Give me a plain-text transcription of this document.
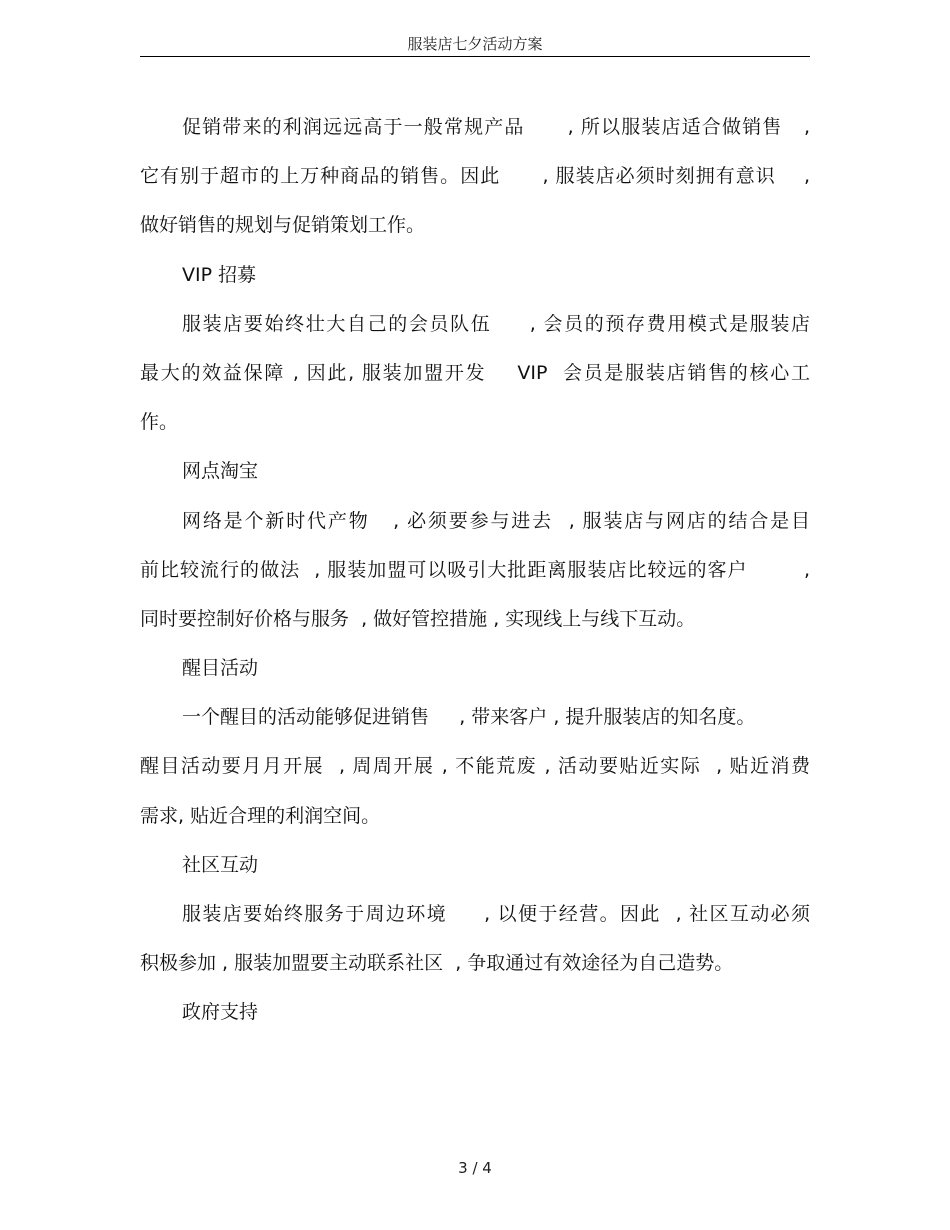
服装店七夕活动方案
促销带来的利润远远高于一般常规产品      , 所以服装店适合做销售   ,
它有别于超市的上万种商品的销售。因此      , 服装店必须时刻拥有意识    ,
做好销售的规划与促销策划工作。
VIP 招募
服装店要始终壮大自己的会员队伍     , 会员的预存费用模式是服装店
最大的效益保障 , 因此, 服装加盟开发    VIP  会员是服装店销售的核心工
作。
网点淘宝
网络是个新时代产物   , 必须要参与进去  , 服装店与网店的结合是目
前比较流行的做法  , 服装加盟可以吸引大批距离服装店比较远的客户        ,
同时要控制好价格与服务  , 做好管控措施 , 实现线上与线下互动。
醒目活动
一个醒目的活动能够促进销售     , 带来客户 , 提升服装店的知名度。
醒目活动要月月开展  , 周周开展 , 不能荒废 , 活动要贴近实际  , 贴近消费
需求, 贴近合理的利润空间。
社区互动
服装店要始终服务于周边环境     , 以便于经营。因此  , 社区互动必须
积极参加 , 服装加盟要主动联系社区  , 争取通过有效途径为自己造势。
政府支持
3 / 4
